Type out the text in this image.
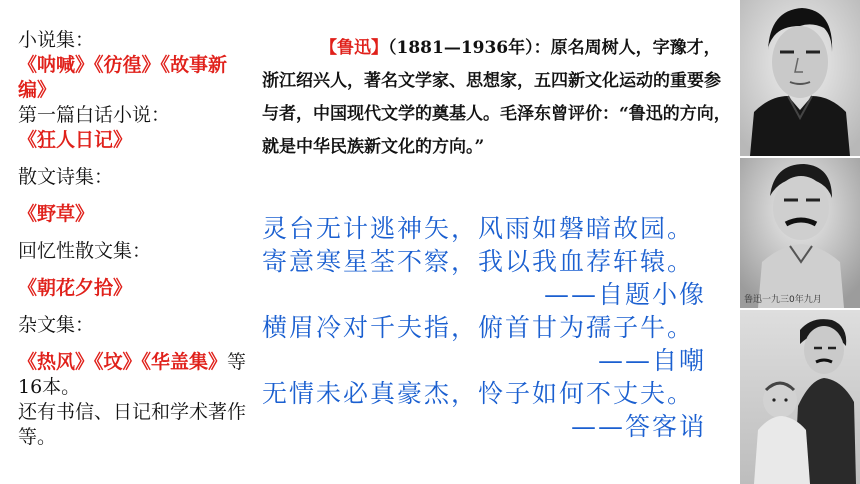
小说集：
《呐喊》《彷徨》《故事新编》
第一篇白话小说：
《狂人日记》
散文诗集：
《野草》
回忆性散文集：
《朝花夕拾》
杂文集：
《热风》《坟》《华盖集》等16本。
还有书信、日记和学术著作等。
【鲁迅】（1881—1936年）：原名周树人，字豫才，浙江绍兴人，著名文学家、思想家，五四新文化运动的重要参与者，中国现代文学的奠基人。毛泽东曾评价：“鲁迅的方向，就是中华民族新文化的方向。”
灵台无计逃神矢，风雨如磐暗故园。
寄意寒星荃不察，我以我血荐轩辕。
——自题小像
横眉冷对千夫指，俯首甘为孺子牛。
——自嘲
无情未必真豪杰，怜子如何不丈夫。
——答客诮
鲁迅一九三0年九月
